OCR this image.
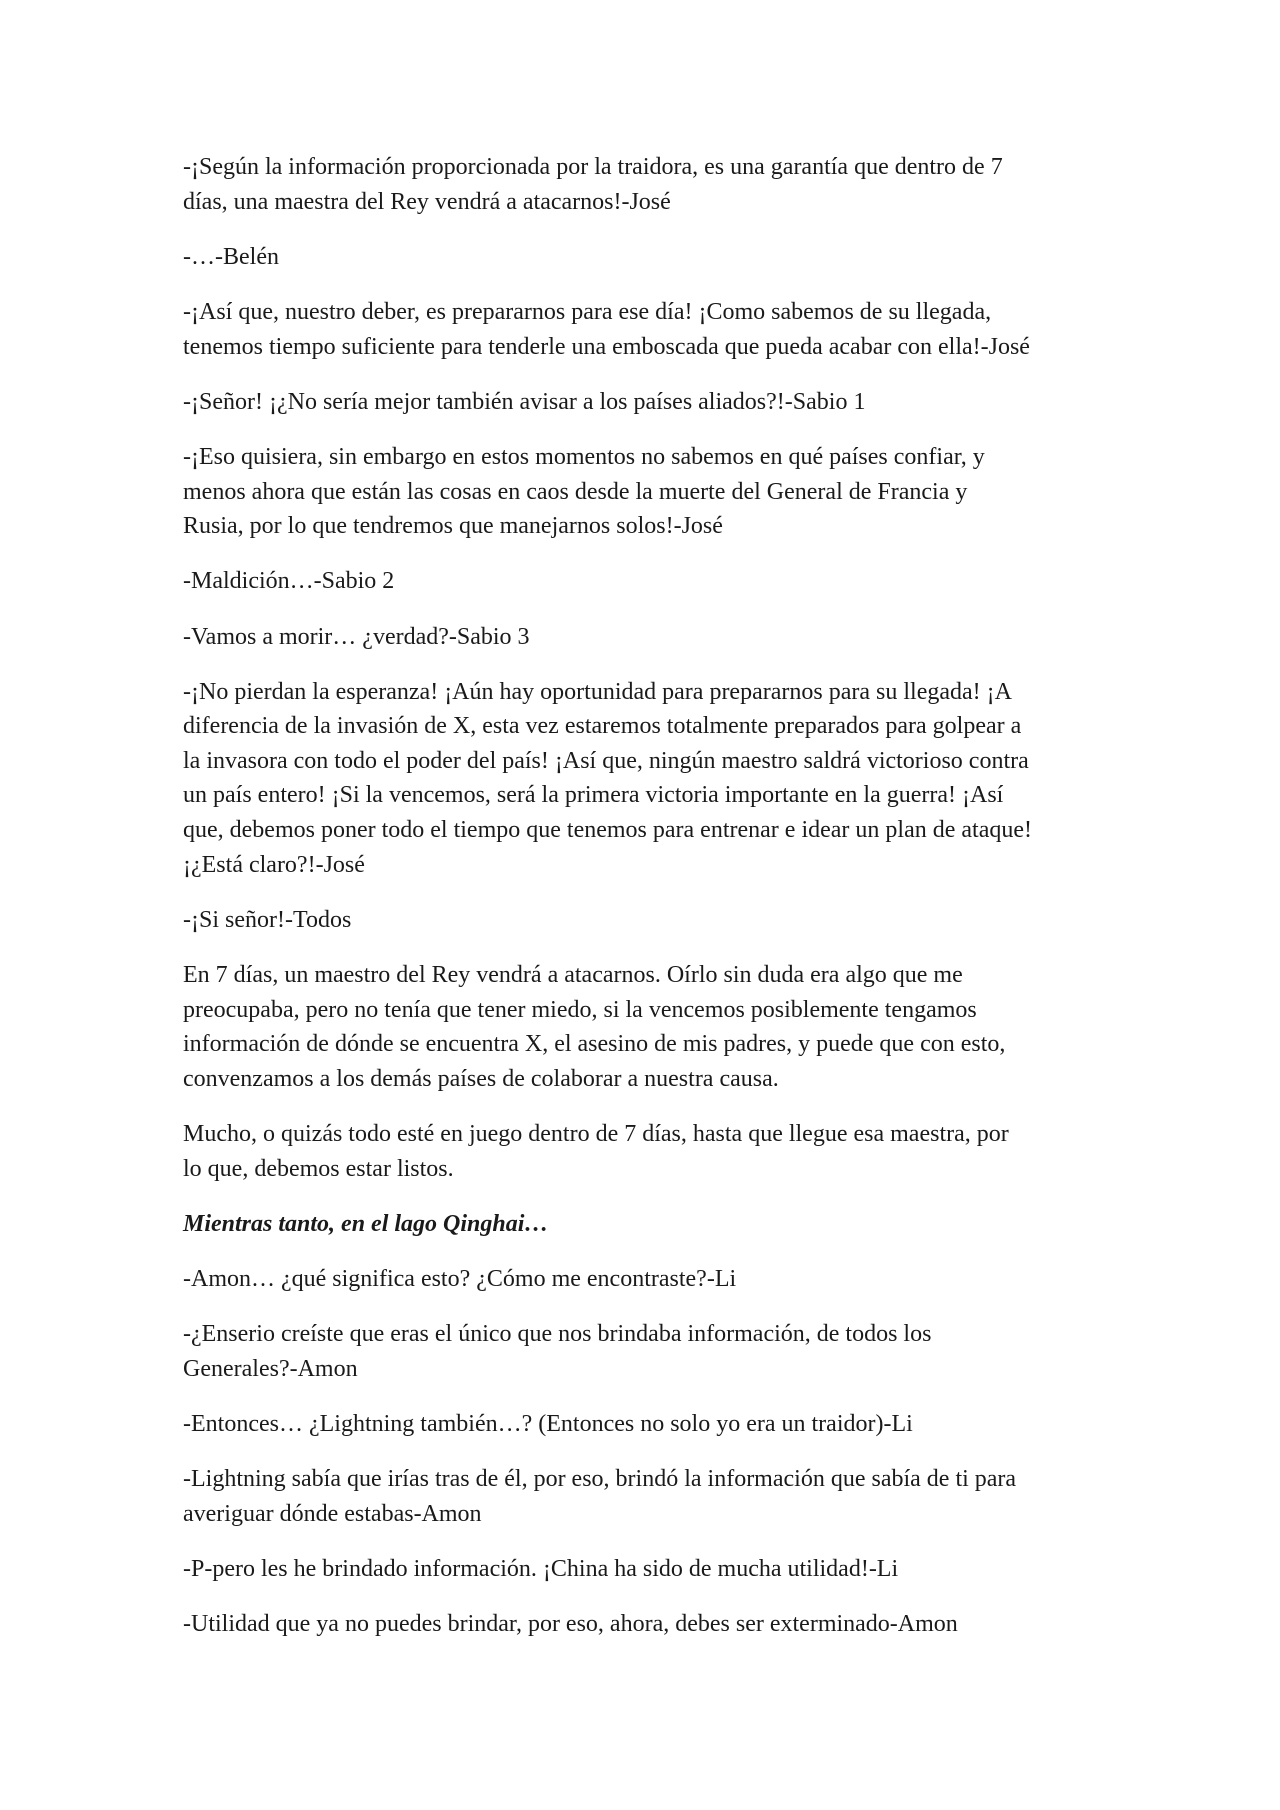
-¡Según la información proporcionada por la traidora, es una garantía que dentro de 7
días, una maestra del Rey vendrá a atacarnos!-José

-…-Belén

-¡Así que, nuestro deber, es prepararnos para ese día! ¡Como sabemos de su llegada,
tenemos tiempo suficiente para tenderle una emboscada que pueda acabar con ella!-José

-¡Señor! ¡¿No sería mejor también avisar a los países aliados?!-Sabio 1

-¡Eso quisiera, sin embargo en estos momentos no sabemos en qué países confiar, y
menos ahora que están las cosas en caos desde la muerte del General de Francia y
Rusia, por lo que tendremos que manejarnos solos!-José

-Maldición…-Sabio 2

-Vamos a morir… ¿verdad?-Sabio 3

-¡No pierdan la esperanza! ¡Aún hay oportunidad para prepararnos para su llegada! ¡A
diferencia de la invasión de X, esta vez estaremos totalmente preparados para golpear a
la invasora con todo el poder del país! ¡Así que, ningún maestro saldrá victorioso contra
un país entero! ¡Si la vencemos, será la primera victoria importante en la guerra! ¡Así
que, debemos poner todo el tiempo que tenemos para entrenar e idear un plan de ataque!
¡¿Está claro?!-José

-¡Si señor!-Todos

En 7 días, un maestro del Rey vendrá a atacarnos. Oírlo sin duda era algo que me
preocupaba, pero no tenía que tener miedo, si la vencemos posiblemente tengamos
información de dónde se encuentra X, el asesino de mis padres, y puede que con esto,
convenzamos a los demás países de colaborar a nuestra causa.

Mucho, o quizás todo esté en juego dentro de 7 días, hasta que llegue esa maestra, por
lo que, debemos estar listos.

Mientras tanto, en el lago Qinghai…

-Amon… ¿qué significa esto? ¿Cómo me encontraste?-Li

-¿Enserio creíste que eras el único que nos brindaba información, de todos los
Generales?-Amon

-Entonces… ¿Lightning también…? (Entonces no solo yo era un traidor)-Li

-Lightning sabía que irías tras de él, por eso, brindó la información que sabía de ti para
averiguar dónde estabas-Amon

-P-pero les he brindado información. ¡China ha sido de mucha utilidad!-Li

-Utilidad que ya no puedes brindar, por eso, ahora, debes ser exterminado-Amon
